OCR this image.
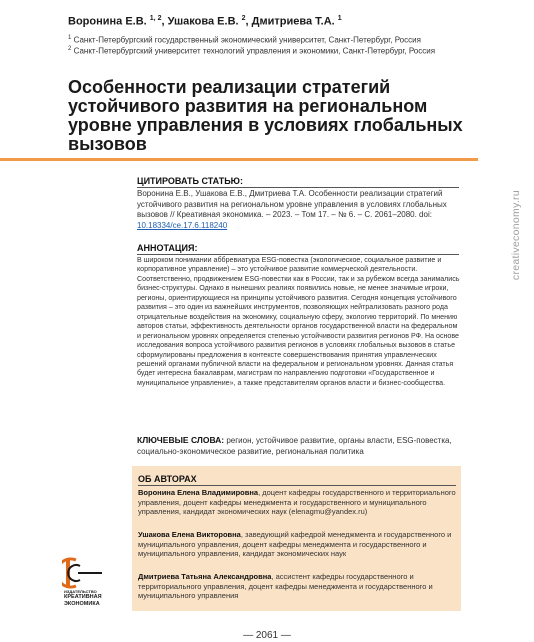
Воронина Е.В. $^{1, 2}$, Ушакова Е.В. $^2$, Дмитриева Т.А. $^1$
$^1$ Санкт-Петербургский государственный экономический университет, Санкт-Петербург, Россия
$^2$ Санкт-Петербургский университет технологий управления и экономики, Санкт-Петербург, Россия
Особенности реализации стратегий устойчивого развития на региональном уровне управления в условиях глобальных вызовов
creativeconomy.ru
ЦИТИРОВАТЬ СТАТЬЮ:
Воронина Е.В., Ушакова Е.В., Дмитриева Т.А. Особенности реализации стратегий устойчивого развития на региональном уровне управления в условиях глобальных вызовов // Креативная экономика. – 2023. – Том 17. – № 6. – С. 2061–2080. doi: 10.18334/ce.17.6.118240
АННОТАЦИЯ:
В широком понимании аббревиатура ESG-повестка (экологическое, социальное развитие и корпоративное управление) – это устойчивое развитие коммерческой деятельности. Соответственно, продвижением ESG-повестки как в России, так и за рубежом всегда занимались бизнес-структуры. Однако в нынешних реалиях появились новые, не менее значимые игроки, регионы, ориентирующиеся на принципы устойчивого развития. Сегодня концепция устойчивого развития – это один из важнейших инструментов, позволяющих нейтрализовать разного рода отрицательные воздействия на экономику, социальную сферу, экологию территорий. По мнению авторов статьи, эффективность деятельности органов государственной власти на федеральном и региональном уровнях определяется степенью устойчивости развития регионов РФ. На основе исследования вопроса устойчивого развития регионов в условиях глобальных вызовов в статье сформулированы предложения в контексте совершенствования принятия управленческих решений органами публичной власти на федеральном и региональном уровнях. Данная статья будет интересна бакалаврам, магистрам по направлению подготовки «Государственное и муниципальное управление», а также представителям органов власти и бизнес-сообщества.
КЛЮЧЕВЫЕ СЛОВА: регион, устойчивое развитие, органы власти, ESG-повестка, социально-экономическое развитие, региональная политика
ОБ АВТОРАХ
Воронина Елена Владимировна, доцент кафедры государственного и территориального управления, доцент кафедры менеджмента и государственного и муниципального управления, кандидат экономических наук (elenagmu@yandex.ru)
Ушакова Елена Викторовна, заведующий кафедрой менеджмента и государственного и муниципального управления, доцент кафедры менеджмента и государственного и муниципального управления, кандидат экономических наук
Дмитриева Татьяна Александровна, ассистент кафедры государственного и территориального управления, доцент кафедры менеджмента и государственного и муниципального управления
ИЗДАТЕЛЬСТВО
КРЕАТИВНАЯ
ЭКОНОМИКА
— 2061 —
